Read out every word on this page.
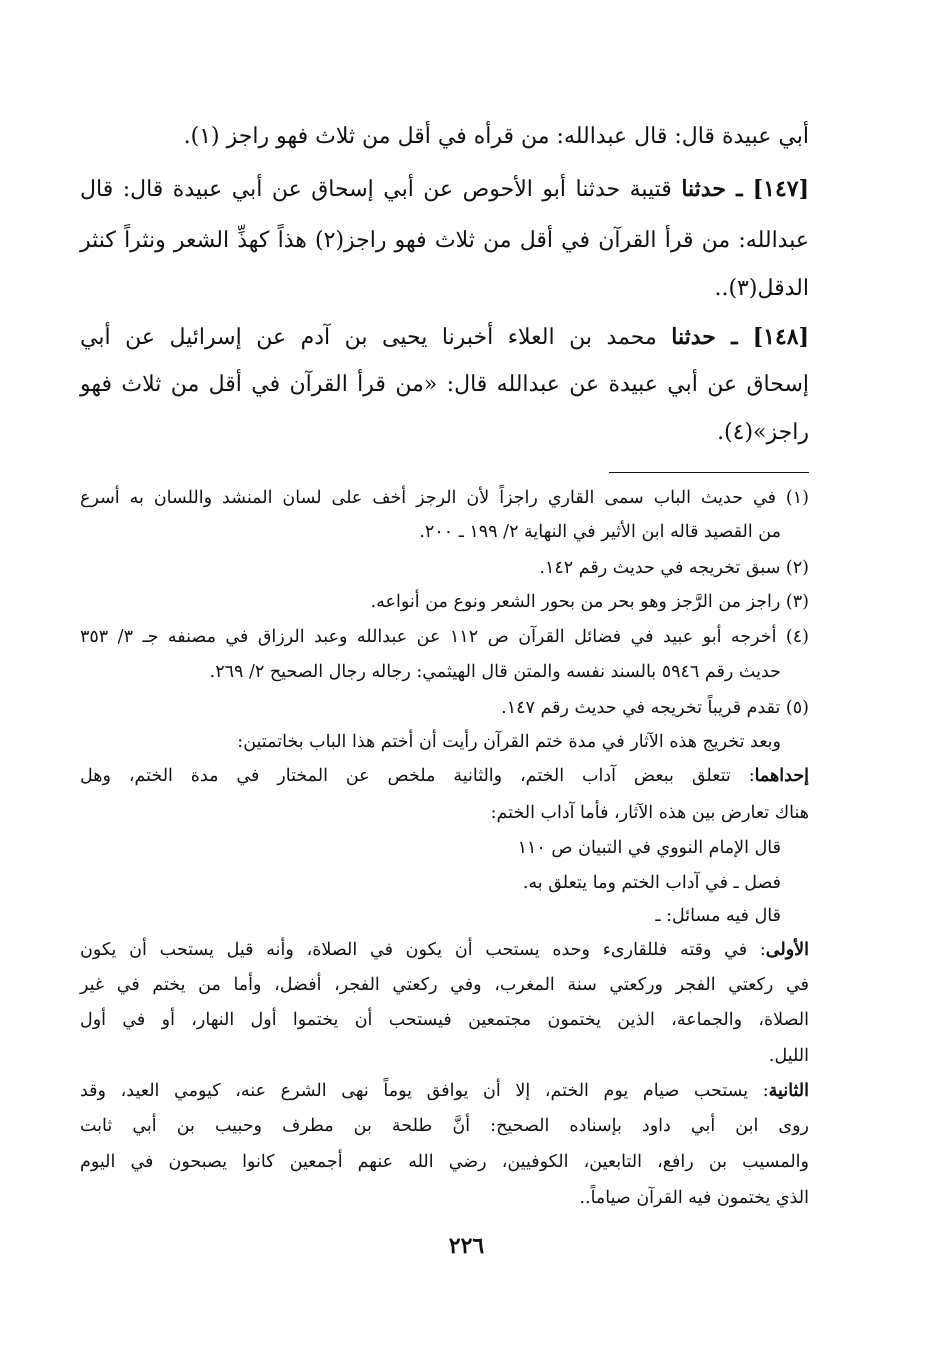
أبي عبيدة قال: قال عبدالله: من قرأه في أقل من ثلاث فهو راجز (١).
[١٤٧] ـ حدثنا قتيبة حدثنا أبو الأحوص عن أبي إسحاق عن أبي عبيدة قال: قال
عبدالله: من قرأ القرآن في أقل من ثلاث فهو راجز(٢) هذاً كهذِّ الشعر ونثراً كنثر
الدقل(٣)..
[١٤٨] ـ حدثنا محمد بن العلاء أخبرنا يحيى بن آدم عن إسرائيل عن أبي
إسحاق عن أبي عبيدة عن عبدالله قال: «من قرأ القرآن في أقل من ثلاث فهو
راجز»(٤).
(١) في حديث الباب سمى القاري راجزاً لأن الرجز أخف على لسان المنشد واللسان به أسرع
من القصيد قاله ابن الأثير في النهاية ٢/ ١٩٩ ـ ٢٠٠.
(٢) سبق تخريجه في حديث رقم ١٤٢.
(٣) راجز من الرَّجز وهو بحر من بحور الشعر ونوع من أنواعه.
(٤) أخرجه أبو عبيد في فضائل القرآن ص ١١٢ عن عبدالله وعبد الرزاق في مصنفه جـ ٣/ ٣٥٣
حديث رقم ٥٩٤٦ بالسند نفسه والمتن قال الهيثمي: رجاله رجال الصحيح ٢/ ٢٦٩.
(٥) تقدم قريباً تخريجه في حديث رقم ١٤٧.
وبعد تخريج هذه الآثار في مدة ختم القرآن رأيت أن أختم هذا الباب بخاتمتين:
إحداهما: تتعلق ببعض آداب الختم، والثانية ملخص عن المختار في مدة الختم، وهل
هناك تعارض بين هذه الآثار، فأما آداب الختم:
قال الإمام النووي في التبيان ص ١١٠
فصل ـ في آداب الختم وما يتعلق به.
قال فيه مسائل: ـ
الأولى: في وقته فللقارىء وحده يستحب أن يكون في الصلاة، وأنه قيل يستحب أن يكون
في ركعتي الفجر وركعتي سنة المغرب، وفي ركعتي الفجر، أفضل، وأما من يختم في غير
الصلاة، والجماعة، الذين يختمون مجتمعين فيستحب أن يختموا أول النهار، أو في أول
الليل.
الثانية: يستحب صيام يوم الختم، إلا أن يوافق يوماً نهى الشرع عنه، كيومي العيد، وقد
روى ابن أبي داود بإسناده الصحيح: أنَّ طلحة بن مطرف وحبيب بن أبي ثابت
والمسيب بن رافع، التابعين، الكوفيين، رضي الله عنهم أجمعين كانوا يصبحون في اليوم
الذي يختمون فيه القرآن صياماً..
٢٢٦
